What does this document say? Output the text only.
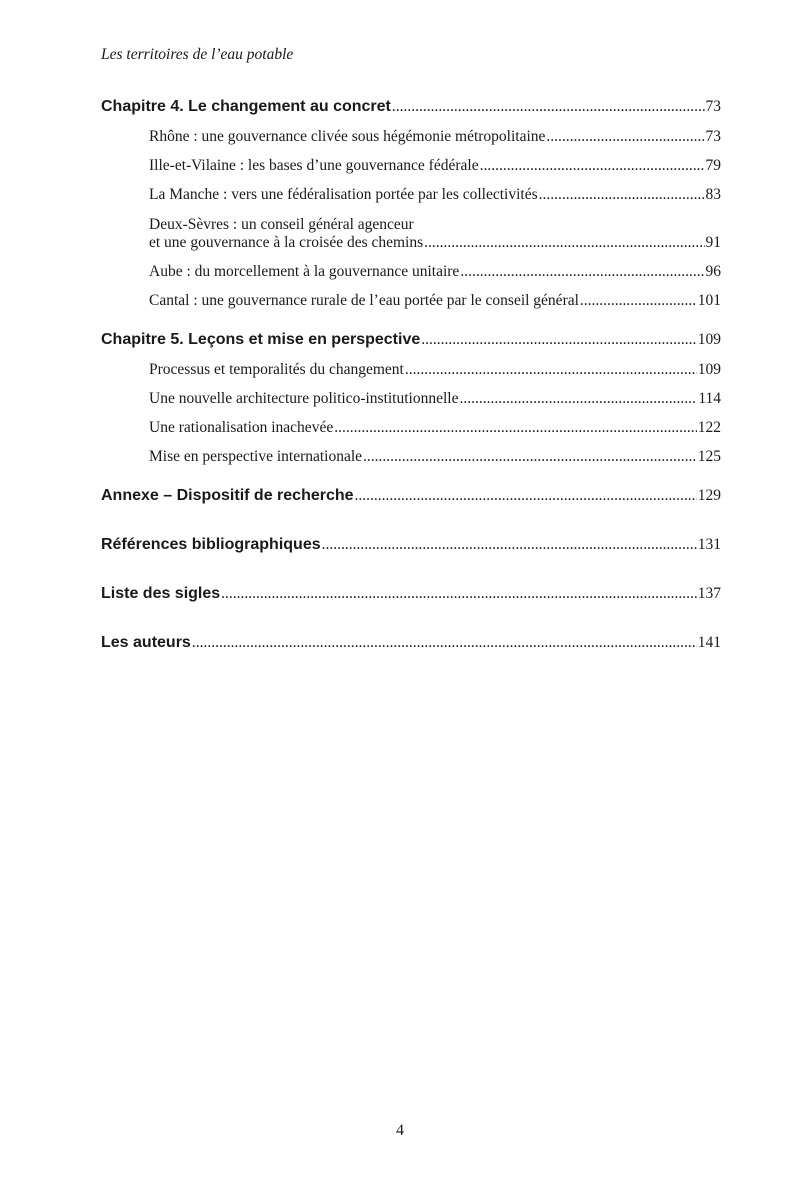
Les territoires de l’eau potable
Chapitre 4. Le changement au concret .....	73
Rhône : une gouvernance clivée sous hégémonie métropolitaine .....	73
Ille-et-Vilaine : les bases d’une gouvernance fédérale .....	79
La Manche : vers une fédéralisation portée par les collectivités .....	83
Deux-Sèvres : un conseil général agenceur
et une gouvernance à la croisée des chemins .....	91
Aube : du morcellement à la gouvernance unitaire .....	96
Cantal : une gouvernance rurale de l’eau portée par le conseil général .....	101
Chapitre 5. Leçons et mise en perspective .....	109
Processus et temporalités du changement .....	109
Une nouvelle architecture politico-institutionnelle .....	114
Une rationalisation inachevée .....	122
Mise en perspective internationale .....	125
Annexe – Dispositif de recherche .....	129
Références bibliographiques .....	131
Liste des sigles .....	137
Les auteurs .....	141
4
